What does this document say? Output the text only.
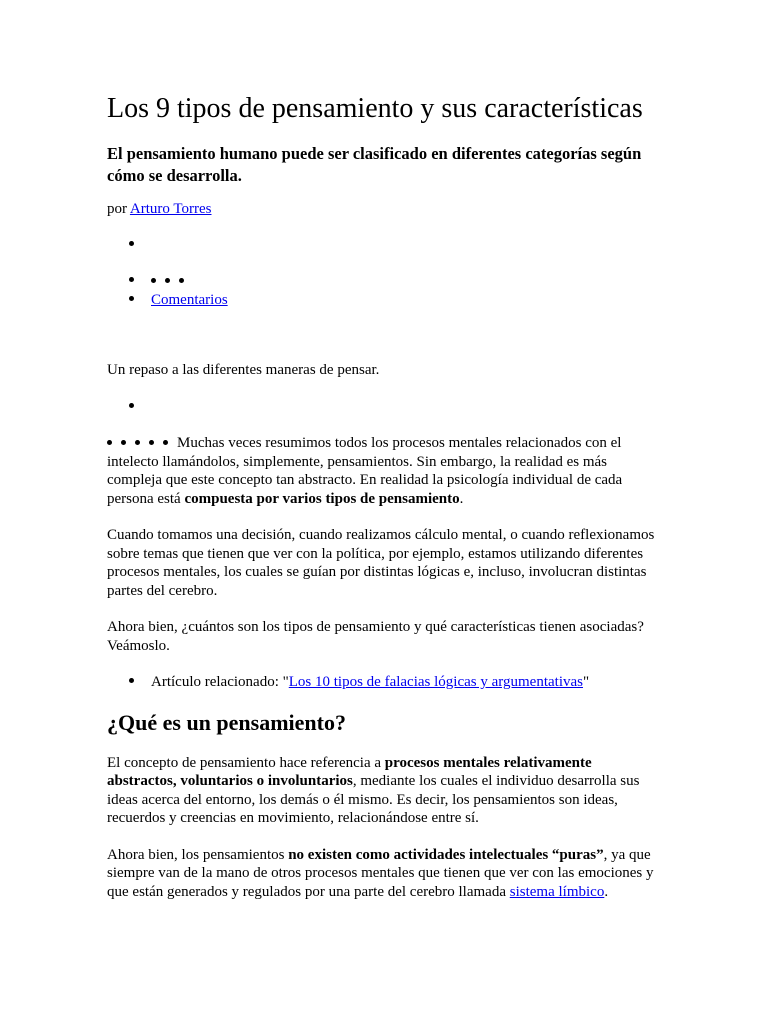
Los 9 tipos de pensamiento y sus características
El pensamiento humano puede ser clasificado en diferentes categorías según cómo se desarrolla.

por Arturo Torres

Comentarios

Un repaso a las diferentes maneras de pensar.

Muchas veces resumimos todos los procesos mentales relacionados con el intelecto llamándolos, simplemente, pensamientos. Sin embargo, la realidad es más compleja que este concepto tan abstracto. En realidad la psicología individual de cada persona está compuesta por varios tipos de pensamiento.

Cuando tomamos una decisión, cuando realizamos cálculo mental, o cuando reflexionamos sobre temas que tienen que ver con la política, por ejemplo, estamos utilizando diferentes procesos mentales, los cuales se guían por distintas lógicas e, incluso, involucran distintas partes del cerebro.

Ahora bien, ¿cuántos son los tipos de pensamiento y qué características tienen asociadas? Veámoslo.

Artículo relacionado: "Los 10 tipos de falacias lógicas y argumentativas"
¿Qué es un pensamiento?

El concepto de pensamiento hace referencia a procesos mentales relativamente abstractos, voluntarios o involuntarios, mediante los cuales el individuo desarrolla sus ideas acerca del entorno, los demás o él mismo. Es decir, los pensamientos son ideas, recuerdos y creencias en movimiento, relacionándose entre sí.

Ahora bien, los pensamientos no existen como actividades intelectuales “puras”, ya que siempre van de la mano de otros procesos mentales que tienen que ver con las emociones y que están generados y regulados por una parte del cerebro llamada sistema límbico.
